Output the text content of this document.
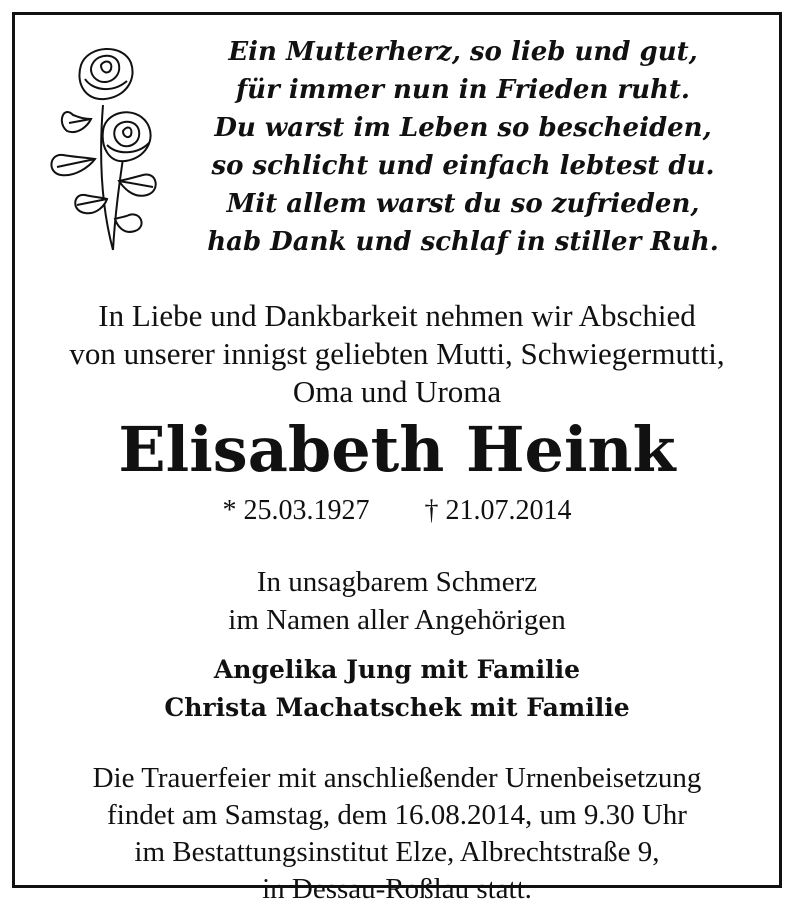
Ein Mutterherz, so lieb und gut,
für immer nun in Frieden ruht.
Du warst im Leben so bescheiden,
so schlicht und einfach lebtest du.
Mit allem warst du so zufrieden,
hab Dank und schlaf in stiller Ruh.
In Liebe und Dankbarkeit nehmen wir Abschied
von unserer innigst geliebten Mutti, Schwiegermutti,
Oma und Uroma
Elisabeth Heink
* 25.03.1927 † 21.07.2014
In unsagbarem Schmerz
im Namen aller Angehörigen
Angelika Jung mit Familie
Christa Machatschek mit Familie
Die Trauerfeier mit anschließender Urnenbeisetzung
findet am Samstag, dem 16.08.2014, um 9.30 Uhr
im Bestattungsinstitut Elze, Albrechtstraße 9,
in Dessau-Roßlau statt.
